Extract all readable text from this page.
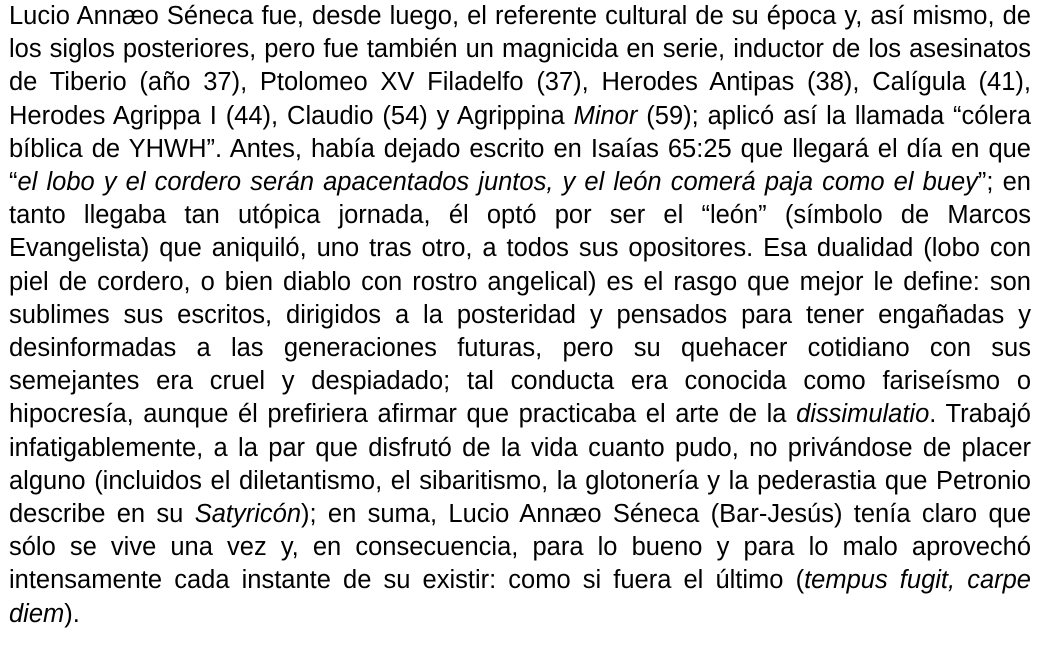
Lucio Annæo Séneca fue, desde luego, el referente cultural de su época y, así mismo, de los siglos posteriores, pero fue también un magnicida en serie, inductor de los asesinatos de Tiberio (año 37), Ptolomeo XV Filadelfo (37), Herodes Antipas (38), Calígula (41), Herodes Agrippa I (44), Claudio (54) y Agrippina Minor (59); aplicó así la llamada “cólera bíblica de YHWH”. Antes, había dejado escrito en Isaías 65:25 que llegará el día en que “el lobo y el cordero serán apacentados juntos, y el león comerá paja como el buey”; en tanto llegaba tan utópica jornada, él optó por ser el “león” (símbolo de Marcos Evangelista) que aniquiló, uno tras otro, a todos sus opositores. Esa dualidad (lobo con piel de cordero, o bien diablo con rostro angelical) es el rasgo que mejor le define: son sublimes sus escritos, dirigidos a la posteridad y pensados para tener engañadas y desinformadas a las generaciones futuras, pero su quehacer cotidiano con sus semejantes era cruel y despiadado; tal conducta era conocida como fariseísmo o hipocresía, aunque él prefiriera afirmar que practicaba el arte de la dissimulatio. Trabajó infatigablemente, a la par que disfrutó de la vida cuanto pudo, no privándose de placer alguno (incluidos el diletantismo, el sibaritismo, la glotonería y la pederastia que Petronio describe en su Satyricón); en suma, Lucio Annæo Séneca (Bar-Jesús) tenía claro que sólo se vive una vez y, en consecuencia, para lo bueno y para lo malo aprovechó intensamente cada instante de su existir: como si fuera el último (tempus fugit, carpe diem).
